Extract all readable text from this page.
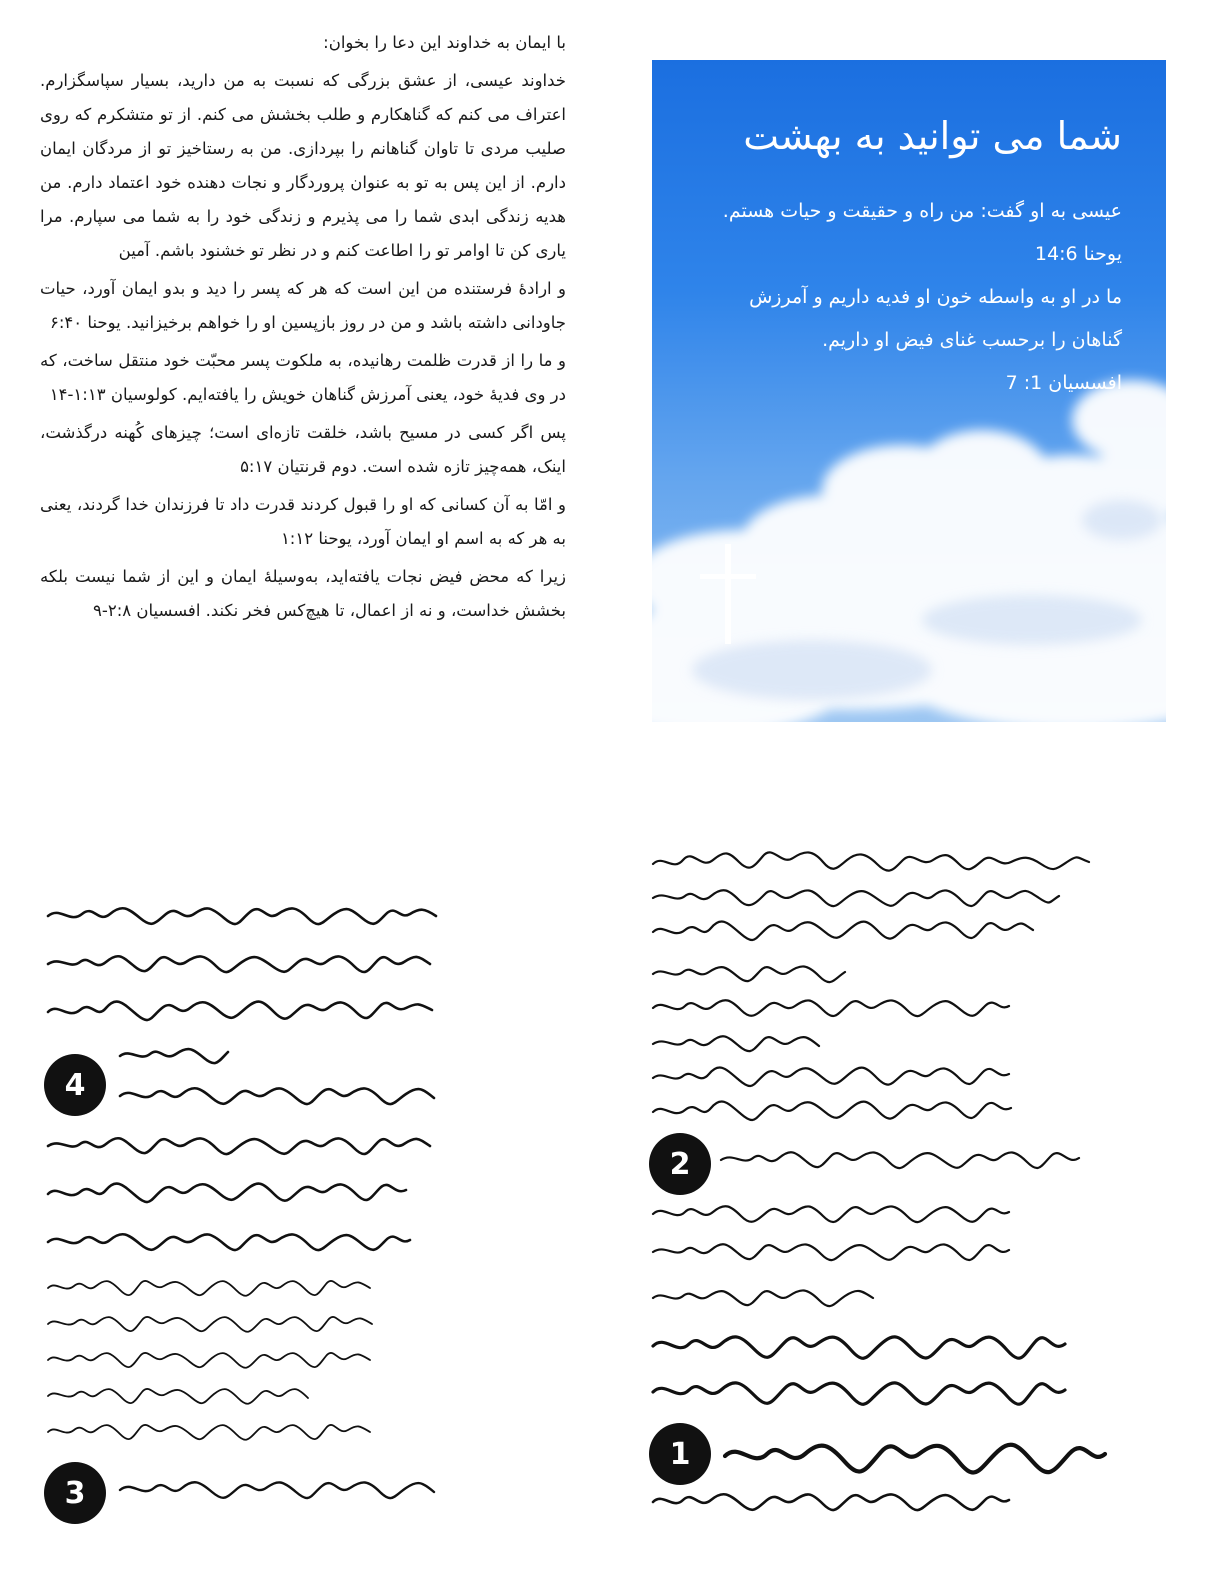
با ایمان به خداوند این دعا را بخوان:

خداوند عیسی، از عشق بزرگی که نسبت به من دارید، بسیار سپاسگزارم. اعتراف می کنم که گناهکارم و طلب بخشش می کنم. از تو متشکرم که روی صلیب مردی تا تاوان گناهانم را بپردازی. من به رستاخیز تو از مردگان ایمان دارم. از این پس به تو به عنوان پروردگار و نجات دهنده خود اعتماد دارم. من هدیه زندگی ابدی شما را می پذیرم و زندگی خود را به شما می سپارم. مرا یاری کن تا اوامر تو را اطاعت کنم و در نظر تو خشنود باشم. آمین

و ارادۀ فرستنده من این است که هر که پسر را دید و بدو ایمان آورد، حیات جاودانی داشته باشد و من در روز بازپسین او را خواهم برخیزانید. یوحنا ۶:۴۰

و ما را از قدرت ظلمت رهانیده، به ملکوت پسر محبّت خود منتقل ساخت، که در وی فدیۀ خود، یعنی آمرزش گناهان خویش را یافته‌ایم. کولوسیان ۱:۱۳-۱۴

پس اگر کسی در مسیح باشد، خلقت تازه‌ای است؛ چیزهای کُهنه درگذشت، اینک، همه‌چیز تازه شده است. دوم قرنتیان ۵:۱۷

و امّا به آن کسانی که او را قبول کردند قدرت داد تا فرزندان خدا گردند، یعنی به هر که به اسم او ایمان آورد، یوحنا ۱:۱۲

زیرا که محض فیض نجات یافته‌اید، به‌وسیلۀ ایمان و این از شما نیست بلکه بخشش خداست، و نه از اعمال، تا هیچ‌کس فخر نکند. افسسیان ۲:۸-۹

شما می توانید به بهشت
عیسی به او گفت: من راه و حقیقت و حیات هستم.
یوحنا 14:6
ما در او به واسطه خون او فدیه داریم و آمرزش
گناهان را برحسب غنای فیض او داریم.
افسسیان 1: 7
2
1
4
3
